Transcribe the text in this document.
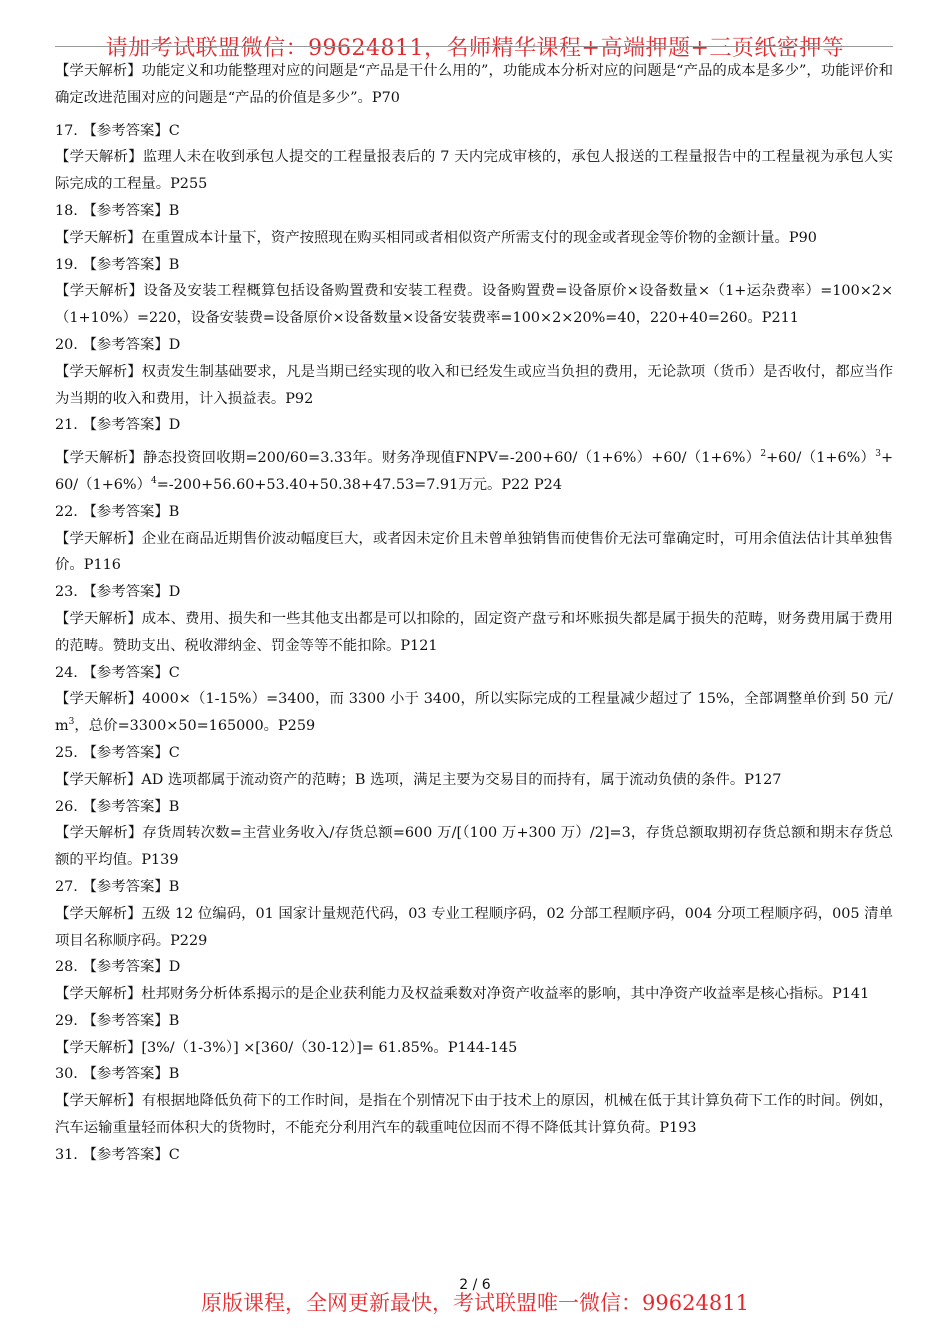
请加考试联盟微信：99624811，名师精华课程+高端押题+三页纸密押等

【学天解析】功能定义和功能整理对应的问题是“产品是干什么用的”，功能成本分析对应的问题是“产品的成本是多少”，功能评价和确定改进范围对应的问题是“产品的价值是多少”。P70

17. 【参考答案】C

【学天解析】监理人未在收到承包人提交的工程量报表后的 7 天内完成审核的，承包人报送的工程量报告中的工程量视为承包人实际完成的工程量。P255

18. 【参考答案】B

【学天解析】在重置成本计量下，资产按照现在购买相同或者相似资产所需支付的现金或者现金等价物的金额计量。P90

19. 【参考答案】B

【学天解析】设备及安装工程概算包括设备购置费和安装工程费。设备购置费=设备原价×设备数量×（1+运杂费率）=100×2×（1+10%）=220，设备安装费=设备原价×设备数量×设备安装费率=100×2×20%=40，220+40=260。P211

20. 【参考答案】D

【学天解析】权责发生制基础要求，凡是当期已经实现的收入和已经发生或应当负担的费用，无论款项（货币）是否收付，都应当作为当期的收入和费用，计入损益表。P92

21. 【参考答案】D

【学天解析】静态投资回收期=200/60=3.33年。财务净现值$FNPV=-200+60/(1+6\%)+60/(1+6\%)^2+60/(1+6\%)^3+60/(1+6\%)^4=-200+56.60+53.40+50.38+47.53=7.91$万元。P22 P24

22. 【参考答案】B

【学天解析】企业在商品近期售价波动幅度巨大，或者因未定价且未曾单独销售而使售价无法可靠确定时，可用余值法估计其单独售价。P116

23. 【参考答案】D

【学天解析】成本、费用、损失和一些其他支出都是可以扣除的，固定资产盘亏和坏账损失都是属于损失的范畴，财务费用属于费用的范畴。赞助支出、税收滞纳金、罚金等等不能扣除。P121

24. 【参考答案】C

【学天解析】4000×（1-15%）=3400，而 3300 小于 3400，所以实际完成的工程量减少超过了 15%，全部调整单价到 50 元$/m^3$，总价=3300×50=165000。P259

25. 【参考答案】C

【学天解析】AD 选项都属于流动资产的范畴；B 选项，满足主要为交易目的而持有，属于流动负债的条件。P127

26. 【参考答案】B

【学天解析】存货周转次数=主营业务收入/存货总额=600 万/[（100 万+300 万）/2]=3，存货总额取期初存货总额和期末存货总额的平均值。P139

27. 【参考答案】B

【学天解析】五级 12 位编码，01 国家计量规范代码，03 专业工程顺序码，02 分部工程顺序码，004 分项工程顺序码，005 清单项目名称顺序码。P229

28. 【参考答案】D

【学天解析】杜邦财务分析体系揭示的是企业获利能力及权益乘数对净资产收益率的影响，其中净资产收益率是核心指标。P141

29. 【参考答案】B

【学天解析】[3%/（1-3%）] ×[360/（30-12）]= 61.85%。P144-145

30. 【参考答案】B

【学天解析】有根据地降低负荷下的工作时间，是指在个别情况下由于技术上的原因，机械在低于其计算负荷下工作的时间。例如，汽车运输重量轻而体积大的货物时，不能充分利用汽车的载重吨位因而不得不降低其计算负荷。P193

31. 【参考答案】C

2 / 6
原版课程，全网更新最快，考试联盟唯一微信：99624811
